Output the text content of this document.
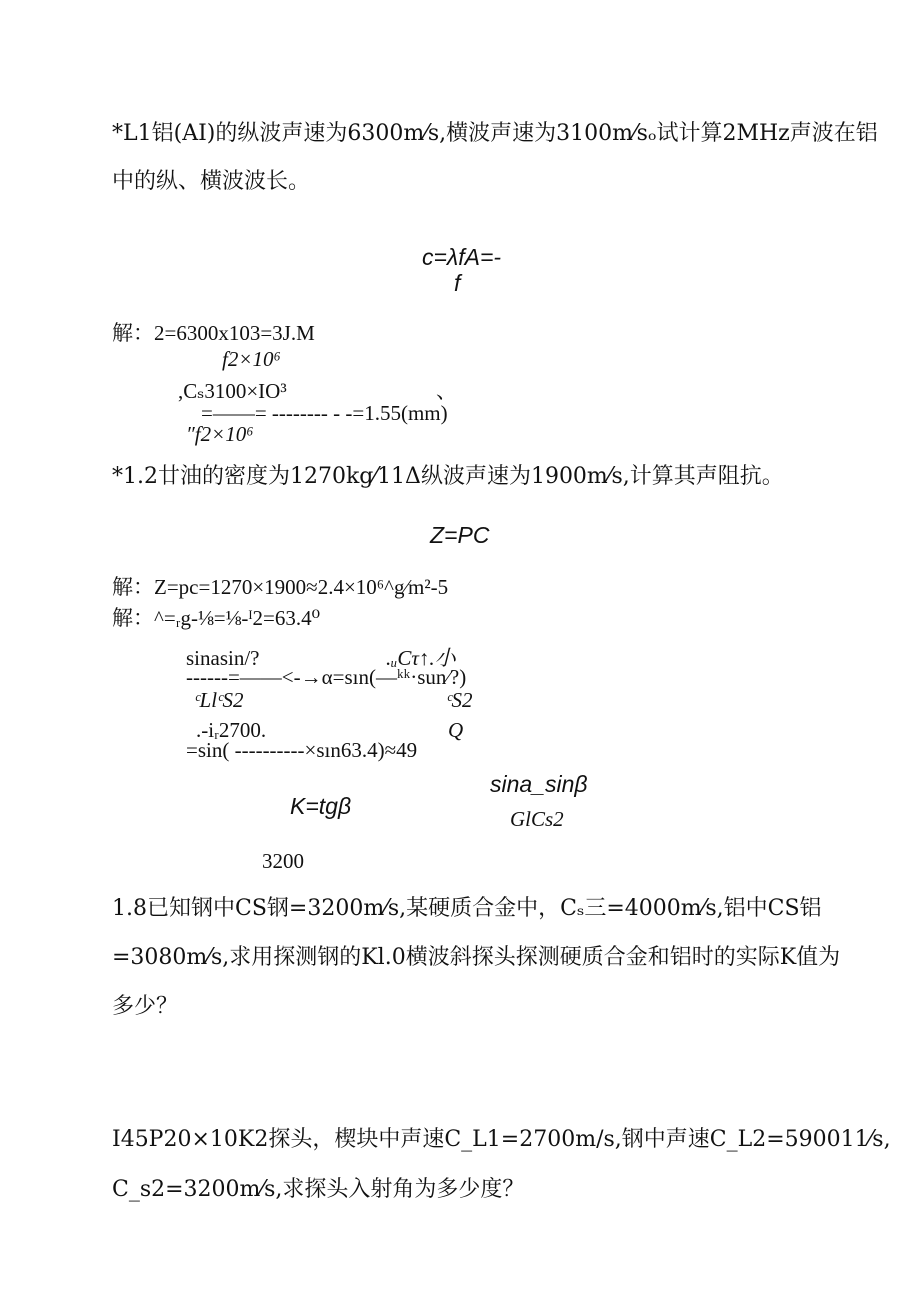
*L1铝(AI)的纵波声速为6300m⁄s,横波声速为3100m⁄sₒ试计算2MHz声波在铝
中的纵、横波波长。
c=λfA=-
f
解：2=6300x103=3J.M
f2×10⁶
,Cₛ3100×IO³	、
=——= -------- - -=1.55(mm)
″f2×10⁶
*1.2廿油的密度为1270kg⁄11Δ纵波声速为1900m⁄s,计算其声阻抗。
Z=PC
解：Z=pc=1270×1900≈2.4×10⁶^g⁄m²-5
解：^=ᵣg-⅛=⅛-ᴵ2=63.4⁰
sinasin/?	.ᵤCτ↑.小
------=——<-→α=sın(—ᵏᵏ·sun⁄?)
ᶜLlᶜS2	ᶜS2
.-iᵣ2700.	Q
=sin( ----------×sın63.4)≈49
K=tgβ
sina_sinβ
GlCs2
3200
1.8已知钢中CS钢=3200m⁄s,某硬质合金中，Cₛ三=4000m⁄s,铝中CS铝
=3080m⁄s,求用探测钢的Kl.0横波斜探头探测硬质合金和铝时的实际K值为
多少？
I45P20×10K2探头，楔块中声速C_L1=2700m/s,钢中声速C_L2=590011⁄s,
C_s2=3200m⁄s,求探头入射角为多少度？
